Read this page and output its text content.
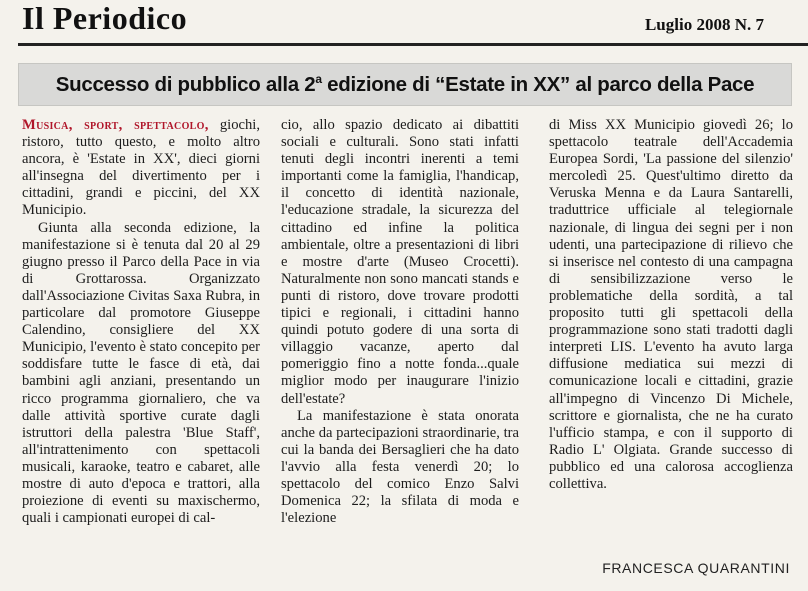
Il Periodico	Luglio 2008 N. 7
Successo di pubblico alla 2$^a$ edizione di “Estate in XX” al parco della Pace

Musica, sport, spettacolo, giochi, ristoro, tutto questo, e molto altro ancora, è 'Estate in XX', dieci giorni all'insegna del divertimento per i cittadini, grandi e piccini, del XX Municipio.

Giunta alla seconda edizione, la manifestazione si è tenuta dal 20 al 29 giugno presso il Parco della Pace in via di Grottarossa. Organizzato dall'Associazione Civitas Saxa Rubra, in particolare dal promotore Giuseppe Calendino, consigliere del XX Municipio, l'evento è stato concepito per soddisfare tutte le fasce di età, dai bambini agli anziani, presentando un ricco programma giornaliero, che va dalle attività sportive curate dagli istruttori della palestra 'Blue Staff', all'intrattenimento con spettacoli musicali, karaoke, teatro e cabaret, alle mostre di auto d'epoca e trattori, alla proiezione di eventi su maxischermo, quali i campionati europei di cal-

cio, allo spazio dedicato ai dibattiti sociali e culturali. Sono stati infatti tenuti degli incontri inerenti a temi importanti come la famiglia, l'handicap, il concetto di identità nazionale, l'educazione stradale, la sicurezza del cittadino ed infine la politica ambientale, oltre a presentazioni di libri e mostre d'arte (Museo Crocetti). Naturalmente non sono mancati stands e punti di ristoro, dove trovare prodotti tipici e regionali, i cittadini hanno quindi potuto godere di una sorta di villaggio vacanze, aperto dal pomeriggio fino a notte fonda...quale miglior modo per inaugurare l'inizio dell'estate?

La manifestazione è stata onorata anche da partecipazioni straordinarie, tra cui la banda dei Bersaglieri che ha dato l'avvio alla festa venerdì 20; lo spettacolo del comico Enzo Salvi Domenica 22; la sfilata di moda e l'elezione

di Miss XX Municipio giovedì 26; lo spettacolo teatrale dell'Accademia Europea Sordi, 'La passione del silenzio' mercoledì 25. Quest'ultimo diretto da Veruska Menna e da Laura Santarelli, traduttrice ufficiale al telegiornale nazionale, di lingua dei segni per i non udenti, una partecipazione di rilievo che si inserisce nel contesto di una campagna di sensibilizzazione verso le problematiche della sordità, a tal proposito tutti gli spettacoli della programmazione sono stati tradotti dagli interpreti LIS. L'evento ha avuto larga diffusione mediatica sui mezzi di comunicazione locali e cittadini, grazie all'impegno di Vincenzo Di Michele, scrittore e giornalista, che ne ha curato l'ufficio stampa, e con il supporto di Radio L' Olgiata. Grande successo di pubblico ed una calorosa accoglienza collettiva.

FRANCESCA QUARANTINI
